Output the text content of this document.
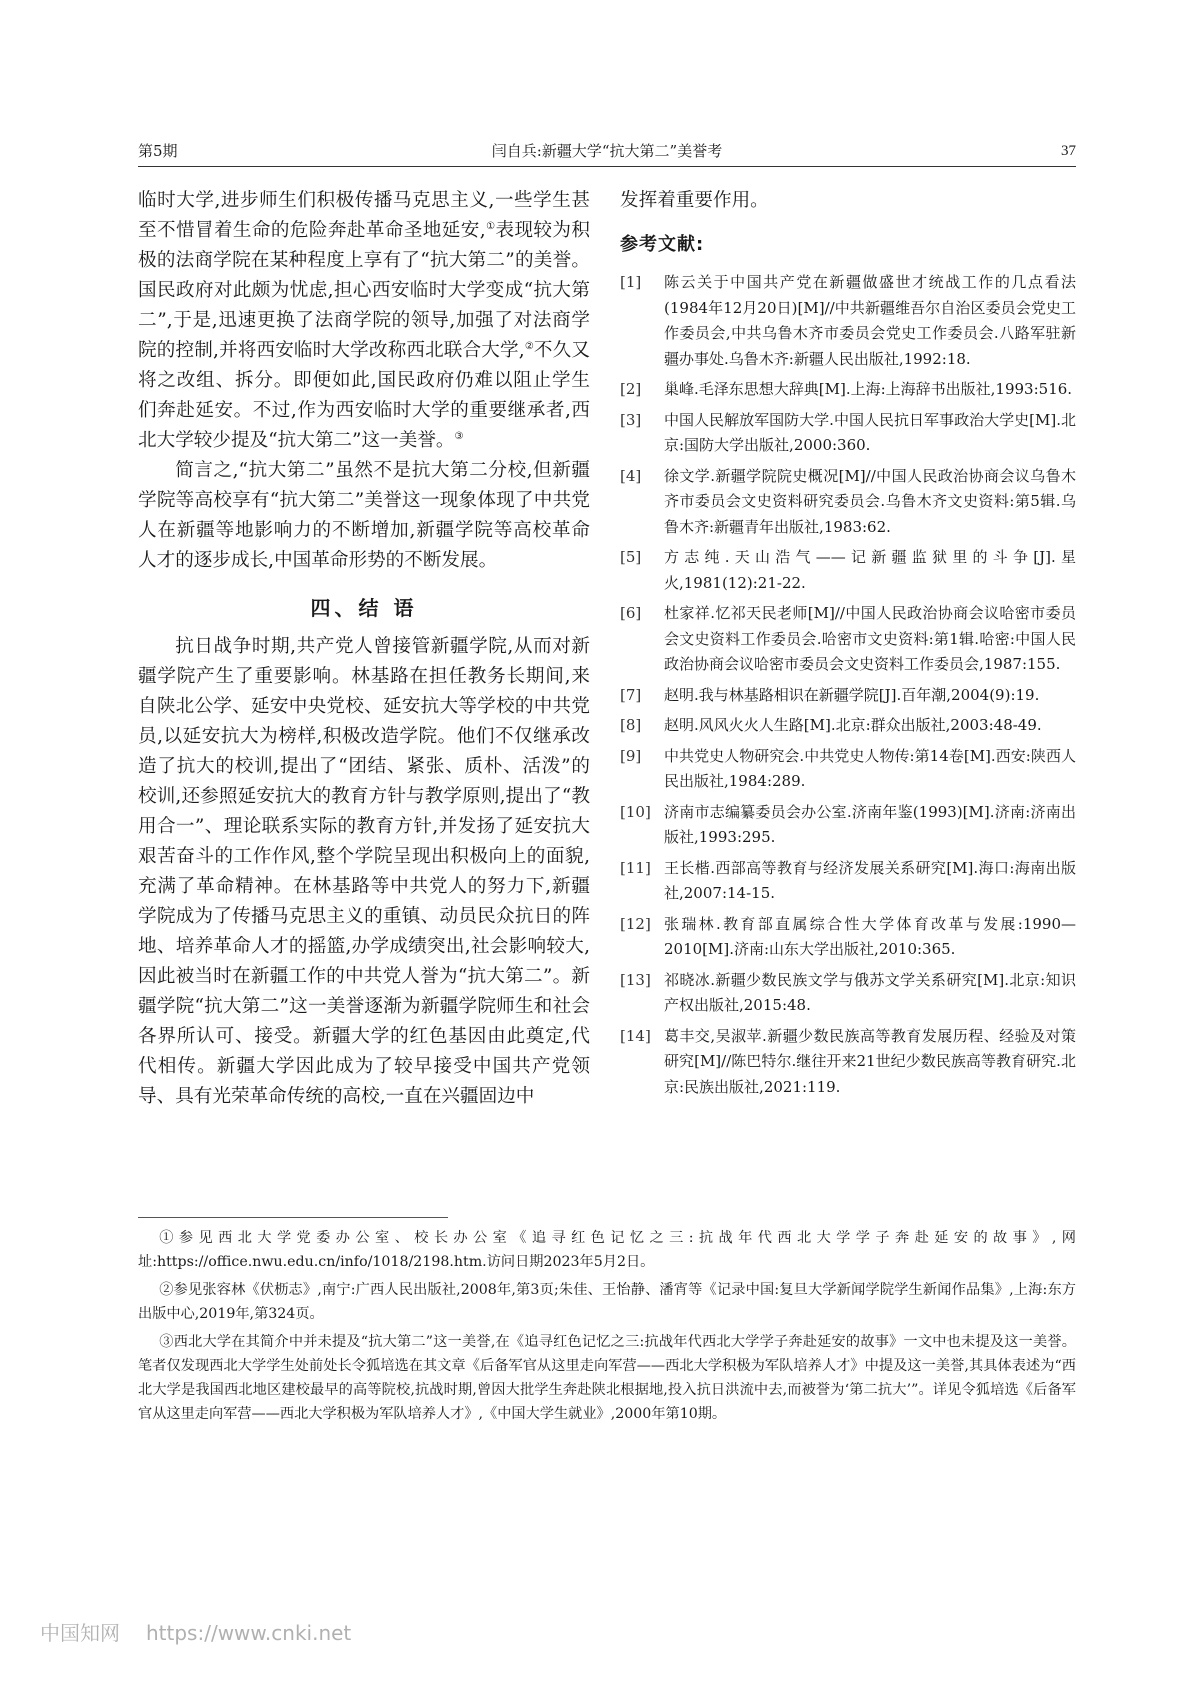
第5期	闫自兵:新疆大学“抗大第二”美誉考	37

临时大学,进步师生们积极传播马克思主义,一些学生甚至不惜冒着生命的危险奔赴革命圣地延安,①表现较为积极的法商学院在某种程度上享有了“抗大第二”的美誉。国民政府对此颇为忧虑,担心西安临时大学变成“抗大第二”,于是,迅速更换了法商学院的领导,加强了对法商学院的控制,并将西安临时大学改称西北联合大学,②不久又将之改组、拆分。即便如此,国民政府仍难以阻止学生们奔赴延安。不过,作为西安临时大学的重要继承者,西北大学较少提及“抗大第二”这一美誉。③

简言之,“抗大第二”虽然不是抗大第二分校,但新疆学院等高校享有“抗大第二”美誉这一现象体现了中共党人在新疆等地影响力的不断增加,新疆学院等高校革命人才的逐步成长,中国革命形势的不断发展。

四、结 语

抗日战争时期,共产党人曾接管新疆学院,从而对新疆学院产生了重要影响。林基路在担任教务长期间,来自陕北公学、延安中央党校、延安抗大等学校的中共党员,以延安抗大为榜样,积极改造学院。他们不仅继承改造了抗大的校训,提出了“团结、紧张、质朴、活泼”的校训,还参照延安抗大的教育方针与教学原则,提出了“教用合一”、理论联系实际的教育方针,并发扬了延安抗大艰苦奋斗的工作作风,整个学院呈现出积极向上的面貌,充满了革命精神。在林基路等中共党人的努力下,新疆学院成为了传播马克思主义的重镇、动员民众抗日的阵地、培养革命人才的摇篮,办学成绩突出,社会影响较大,因此被当时在新疆工作的中共党人誉为“抗大第二”。新疆学院“抗大第二”这一美誉逐渐为新疆学院师生和社会各界所认可、接受。新疆大学的红色基因由此奠定,代代相传。新疆大学因此成为了较早接受中国共产党领导、具有光荣革命传统的高校,一直在兴疆固边中

发挥着重要作用。

参考文献:
[1]	陈云关于中国共产党在新疆做盛世才统战工作的几点看法(1984年12月20日)[M]//中共新疆维吾尔自治区委员会党史工作委员会,中共乌鲁木齐市委员会党史工作委员会.八路军驻新疆办事处.乌鲁木齐:新疆人民出版社,1992:18.
[2]	巢峰.毛泽东思想大辞典[M].上海:上海辞书出版社,1993:516.
[3]	中国人民解放军国防大学.中国人民抗日军事政治大学史[M].北京:国防大学出版社,2000:360.
[4]	徐文学.新疆学院院史概况[M]//中国人民政治协商会议乌鲁木齐市委员会文史资料研究委员会.乌鲁木齐文史资料:第5辑.乌鲁木齐:新疆青年出版社,1983:62.
[5]	方志纯.天山浩气——记新疆监狱里的斗争[J].星火,1981(12):21-22.
[6]	杜家祥.忆祁天民老师[M]//中国人民政治协商会议哈密市委员会文史资料工作委员会.哈密市文史资料:第1辑.哈密:中国人民政治协商会议哈密市委员会文史资料工作委员会,1987:155.
[7]	赵明.我与林基路相识在新疆学院[J].百年潮,2004(9):19.
[8]	赵明.风风火火人生路[M].北京:群众出版社,2003:48-49.
[9]	中共党史人物研究会.中共党史人物传:第14卷[M].西安:陕西人民出版社,1984:289.
[10] 济南市志编纂委员会办公室.济南年鉴(1993)[M].济南:济南出版社,1993:295.
[11] 王长楷.西部高等教育与经济发展关系研究[M].海口:海南出版社,2007:14-15.
[12] 张瑞林.教育部直属综合性大学体育改革与发展:1990—2010[M].济南:山东大学出版社,2010:365.
[13] 祁晓冰.新疆少数民族文学与俄苏文学关系研究[M].北京:知识产权出版社,2015:48.
[14] 葛丰交,吴淑苹.新疆少数民族高等教育发展历程、经验及对策研究[M]//陈巴特尔.继往开来21世纪少数民族高等教育研究.北京:民族出版社,2021:119.

①参见西北大学党委办公室、校长办公室《追寻红色记忆之三:抗战年代西北大学学子奔赴延安的故事》,网址:https://office.nwu.edu.cn/info/1018/2198.htm.访问日期2023年5月2日。

②参见张容林《伏枥志》,南宁:广西人民出版社,2008年,第3页;朱佳、王怡静、潘宵等《记录中国:复旦大学新闻学院学生新闻作品集》,上海:东方出版中心,2019年,第324页。

③西北大学在其简介中并未提及“抗大第二”这一美誉,在《追寻红色记忆之三:抗战年代西北大学学子奔赴延安的故事》一文中也未提及这一美誉。笔者仅发现西北大学学生处前处长令狐培选在其文章《后备军官从这里走向军营——西北大学积极为军队培养人才》中提及这一美誉,其具体表述为“西北大学是我国西北地区建校最早的高等院校,抗战时期,曾因大批学生奔赴陕北根据地,投入抗日洪流中去,而被誉为‘第二抗大’”。详见令狐培选《后备军官从这里走向军营——西北大学积极为军队培养人才》,《中国大学生就业》,2000年第10期。

中国知网 https://www.cnki.net
